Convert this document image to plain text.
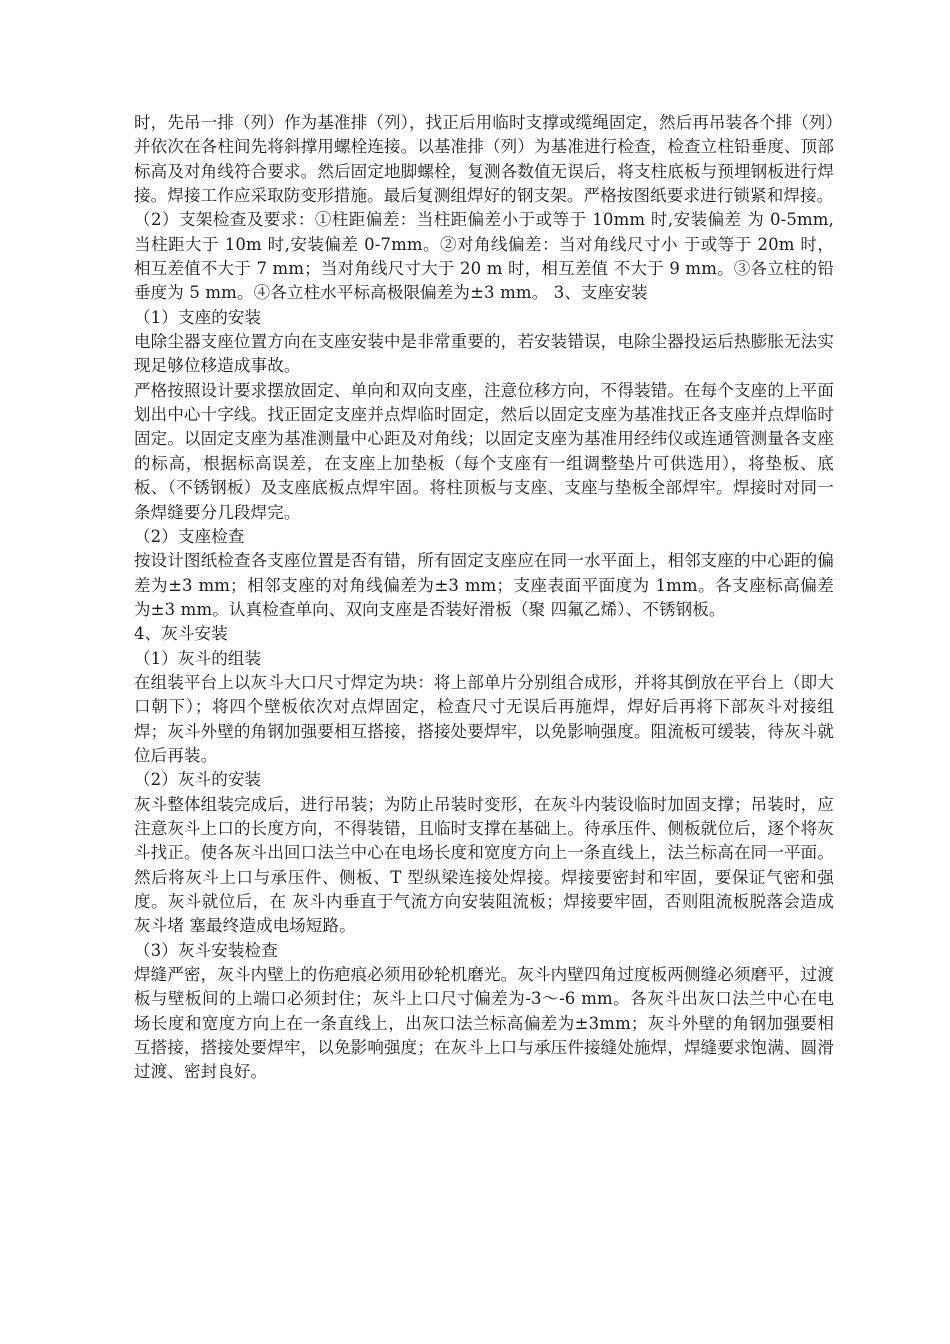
时，先吊一排（列）作为基准排（列），找正后用临时支撑或缆绳固定，然后再吊装各个排（列）并依次在各柱间先将斜撑用螺栓连接。以基准排（列）为基准进行检查，检查立柱铅垂度、顶部标高及对角线符合要求。然后固定地脚螺栓，复测各数值无误后，将支柱底板与预埋钢板进行焊接。焊接工作应采取防变形措施。最后复测组焊好的钢支架。严格按图纸要求进行锁紧和焊接。

（2）支架检查及要求：①柱距偏差：当柱距偏差小于或等于 10mm 时,安装偏差 为 0-5mm, 当柱距大于 10m 时,安装偏差 0-7mm。②对角线偏差：当对角线尺寸小 于或等于 20m 时，相互差值不大于 7 mm；当对角线尺寸大于 20 m 时，相互差值 不大于 9 mm。③各立柱的铅垂度为 5 mm。④各立柱水平标高极限偏差为±3 mm。 3、支座安装

（1）支座的安装

电除尘器支座位置方向在支座安装中是非常重要的，若安装错误，电除尘器投运后热膨胀无法实现足够位移造成事故。

严格按照设计要求摆放固定、单向和双向支座，注意位移方向，不得装错。在每个支座的上平面划出中心十字线。找正固定支座并点焊临时固定，然后以固定支座为基准找正各支座并点焊临时固定。以固定支座为基准测量中心距及对角线；以固定支座为基准用经纬仪或连通管测量各支座的标高，根据标高误差，在支座上加垫板（每个支座有一组调整垫片可供选用），将垫板、底板、（不锈钢板）及支座底板点焊牢固。将柱顶板与支座、支座与垫板全部焊牢。焊接时对同一条焊缝要分几段焊完。

（2）支座检查

按设计图纸检查各支座位置是否有错，所有固定支座应在同一水平面上，相邻支座的中心距的偏差为±3 mm；相邻支座的对角线偏差为±3 mm；支座表面平面度为 1mm。各支座标高偏差为±3 mm。认真检查单向、双向支座是否装好滑板（聚 四氟乙烯）、不锈钢板。

4、灰斗安装

（1）灰斗的组装

在组装平台上以灰斗大口尺寸焊定为块：将上部单片分别组合成形，并将其倒放在平台上（即大口朝下）；将四个壁板依次对点焊固定，检查尺寸无误后再施焊，焊好后再将下部灰斗对接组焊；灰斗外壁的角钢加强要相互搭接，搭接处要焊牢，以免影响强度。阻流板可缓装，待灰斗就位后再装。

（2）灰斗的安装

灰斗整体组装完成后，进行吊装；为防止吊装时变形，在灰斗内装设临时加固支撑；吊装时，应注意灰斗上口的长度方向，不得装错，且临时支撑在基础上。待承压件、侧板就位后，逐个将灰斗找正。使各灰斗出回口法兰中心在电场长度和宽度方向上一条直线上，法兰标高在同一平面。然后将灰斗上口与承压件、侧板、T 型纵梁连接处焊接。焊接要密封和牢固，要保证气密和强度。灰斗就位后，在 灰斗内垂直于气流方向安装阻流板；焊接要牢固，否则阻流板脱落会造成灰斗堵 塞最终造成电场短路。

（3）灰斗安装检查

焊缝严密，灰斗内壁上的伤疤痕必须用砂轮机磨光。灰斗内壁四角过度板两侧缝必须磨平，过渡板与壁板间的上端口必须封住；灰斗上口尺寸偏差为-3～-6 mm。各灰斗出灰口法兰中心在电场长度和宽度方向上在一条直线上，出灰口法兰标高偏差为±3mm；灰斗外壁的角钢加强要相互搭接，搭接处要焊牢，以免影响强度；在灰斗上口与承压件接缝处施焊，焊缝要求饱满、圆滑过渡、密封良好。
